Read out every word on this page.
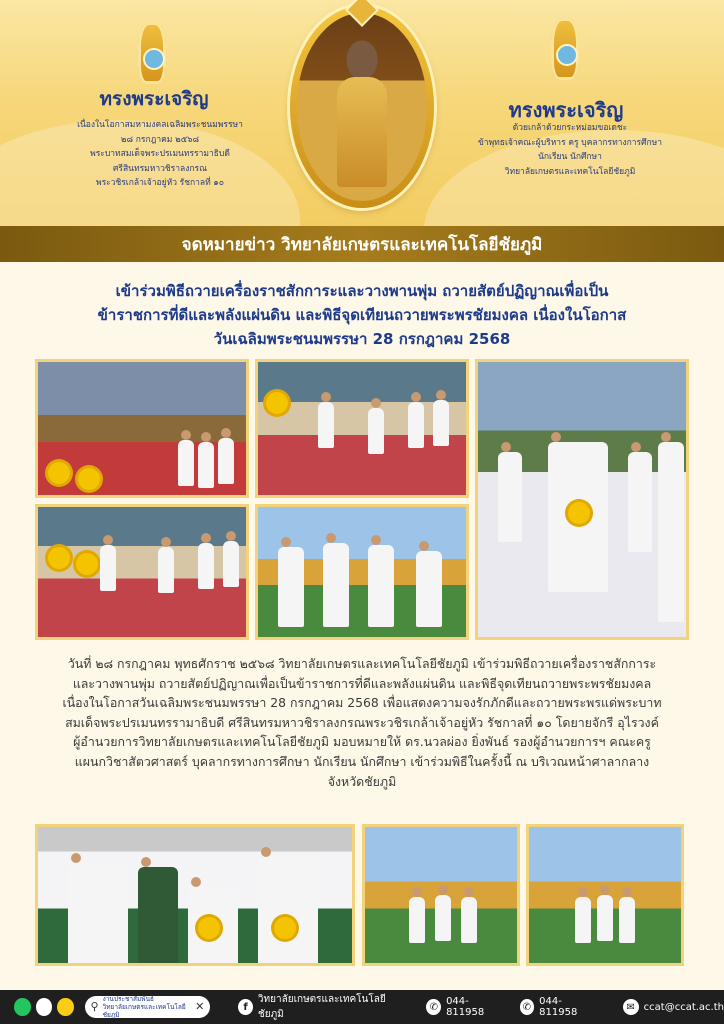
ทรงพระเจริญ
เนื่องในโอกาสมหามงคลเฉลิมพระชนมพรรษา
๒๘ กรกฎาคม ๒๕๖๘
พระบาทสมเด็จพระปรเมนทรรามาธิบดี
ศรีสินทรมหาวชิราลงกรณ
พระวชิรเกล้าเจ้าอยู่หัว รัชกาลที่ ๑๐
ทรงพระเจริญ
ด้วยเกล้าด้วยกระหม่อมขอเดชะ
ข้าพุทธเจ้าคณะผู้บริหาร ครู บุคลากรทางการศึกษา
นักเรียน นักศึกษา
วิทยาลัยเกษตรและเทคโนโลยีชัยภูมิ
จดหมายข่าว วิทยาลัยเกษตรและเทคโนโลยีชัยภูมิ
เข้าร่วมพิธีถวายเครื่องราชสักการะและวางพานพุ่ม ถวายสัตย์ปฏิญาณเพื่อเป็น
ข้าราชการที่ดีและพลังแผ่นดิน และพิธีจุดเทียนถวายพระพรชัยมงคล เนื่องในโอกาส
วันเฉลิมพระชนมพรรษา 28 กรกฎาคม 2568
วันที่ ๒๘ กรกฎาคม พุทธศักราช ๒๕๖๘ วิทยาลัยเกษตรและเทคโนโลยีชัยภูมิ เข้าร่วมพิธีถวายเครื่องราชสักการะ
และวางพานพุ่ม ถวายสัตย์ปฏิญาณเพื่อเป็นข้าราชการที่ดีและพลังแผ่นดิน และพิธีจุดเทียนถวายพระพรชัยมงคล
เนื่องในโอกาสวันเฉลิมพระชนมพรรษา 28 กรกฎาคม 2568 เพื่อแสดงความจงรักภักดีและถวายพระพรแด่พระบาท
สมเด็จพระปรเมนทรรามาธิบดี ศรีสินทรมหาวชิราลงกรณพระวชิรเกล้าเจ้าอยู่หัว รัชกาลที่ ๑๐ โดยายจักรี อุไรวงค์
ผู้อำนวยการวิทยาลัยเกษตรและเทคโนโลยีชัยภูมิ มอบหมายให้ ดร.นวลผ่อง ยิ่งพันธ์ รองผู้อำนวยการฯ คณะครู
แผนกวิชาสัตวศาสตร์ บุคลากรทางการศึกษา นักเรียน นักศึกษา เข้าร่วมพิธีในครั้งนี้ ณ บริเวณหน้าศาลากลาง
จังหวัดชัยภูมิ
⚲
งานประชาสัมพันธ์
วิทยาลัยเกษตรและเทคโนโลยีชัยภูมิ
✕	f
วิทยาลัยเกษตรและเทคโนโลยีชัยภูมิ
✆ 044-811958	✆ 044-811958	✉ ccat@ccat.ac.th
